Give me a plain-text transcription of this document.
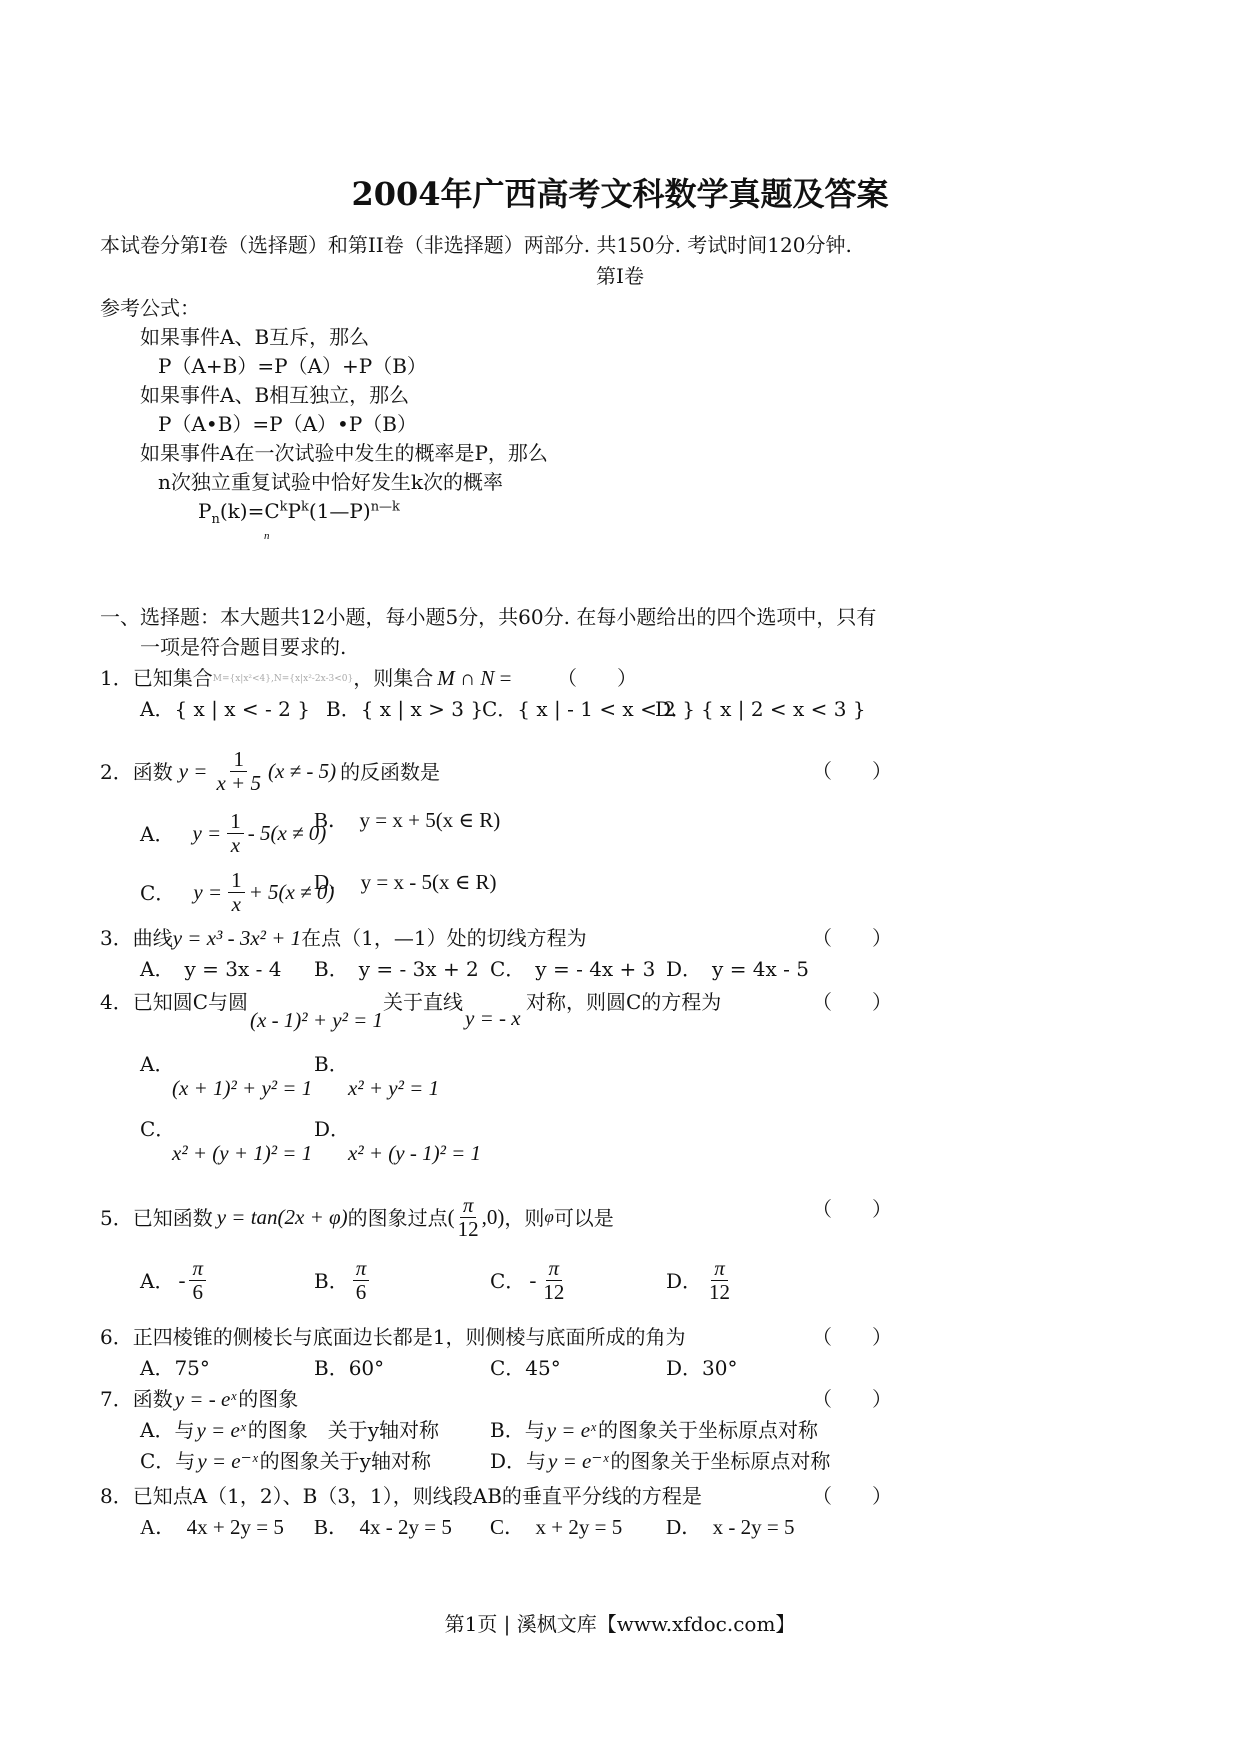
2004年广西高考文科数学真题及答案
本试卷分第I卷（选择题）和第II卷（非选择题）两部分. 共150分. 考试时间120分钟.
第I卷
参考公式：
如果事件A、B互斥，那么
P（A+B）=P（A）+P（B）
如果事件A、B相互独立，那么
P（A•B）=P（A）•P（B）
如果事件A在一次试验中发生的概率是P，那么
n次独立重复试验中恰好发生k次的概率
$P_n(k)=C^kP^k(1—P)^{n—k}$
n
一、选择题：本大题共12小题，每小题5分，共60分. 在每小题给出的四个选项中，只有
一项是符合题目要求的.
1．已知集合M={x|x²<4},N={x|x²-2x-3<0}，则集合 M ∩ N = （　　）
A．{ x | x < - 2 } B．{ x | x > 3 }
C．{ x | - 1 < x < 2 }
D．　{ x | 2 < x < 3 }
2．函数 $y = \frac{1}{x + 5} (x$ ≠ - 5) 的反函数是	（　　）
A． $y = \frac{1}{x} - 5(x \ne 0)$
B．　y = x + 5(x ∈ R)
C． $y = \frac{1}{x} + 5(x \ne 0)$
D．　y = x - 5(x ∈ R)
3．曲线y = x³ - 3x² + 1在点（1，—1）处的切线方程为	（　　）
A．　y = 3x - 4 B．　y = - 3x + 2 C．　y = - 4x + 3 D．　y = 4x - 5
4．已知圆C与圆
(x - 1)² + y² = 1
关于直线
y = - x
对称，则圆C的方程为	（　　）
A．
(x + 1)² + y² = 1
B．
x² + y² = 1
C．
x² + (y + 1)² = 1
D．
x² + (y - 1)² = 1
5．已知函数 y = tan(2x + φ) 的图象过点 ( $\frac{\pi}{12} ,0$) ，则 φ 可以是	（　　）
A． - $\frac{\pi}{6}$	B． $\frac{\pi}{6}$	C． - $\frac{\pi}{12}$	D． $\frac{\pi}{12}$
6．正四棱锥的侧棱长与底面边长都是1，则侧棱与底面所成的角为	（　　）
A．75°	B．60°	C．45°	D．30°
7．函数y = - eˣ 的图象	（　　）
A．与y = eˣ 的图象　关于y轴对称	B．与y = eˣ 的图象关于坐标原点对称
C．与y = e⁻ˣ 的图象关于y轴对称	D．与y = e⁻ˣ 的图象关于坐标原点对称
8．已知点A（1，2）、B（3，1），则线段AB的垂直平分线的方程是	（　　）
A．　4x + 2y = 5 B．　4x - 2y = 5 C．　x + 2y = 5 D．　x - 2y = 5
第1页 | 溪枫文库【www.xfdoc.com】
